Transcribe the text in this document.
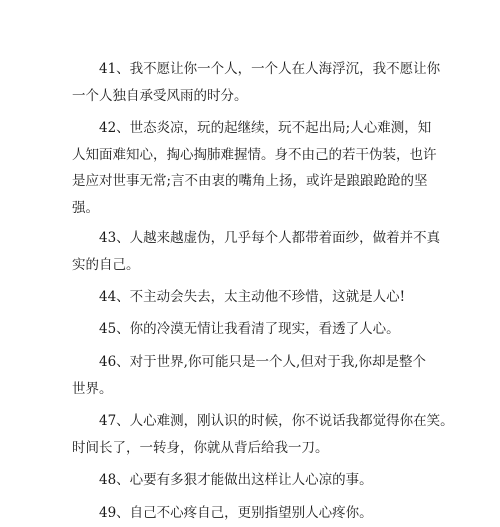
41、我不愿让你一个人，一个人在人海浮沉，我不愿让你
一个人独自承受风雨的时分。
42、世态炎凉，玩的起继续，玩不起出局;人心难测，知
人知面难知心，掏心掏肺难握情。身不由己的若干伪装，也许
是应对世事无常;言不由衷的嘴角上扬，或许是踉踉跄跄的坚
强。
43、人越来越虚伪，几乎每个人都带着面纱，做着并不真
实的自己。
44、不主动会失去，太主动他不珍惜，这就是人心!
45、你的冷漠无情让我看清了现实，看透了人心。
46、对于世界,你可能只是一个人,但对于我,你却是整个
世界。
47、人心难测，刚认识的时候，你不说话我都觉得你在笑。
时间长了，一转身，你就从背后给我一刀。
48、心要有多狠才能做出这样让人心凉的事。
49、自己不心疼自己，更别指望别人心疼你。
